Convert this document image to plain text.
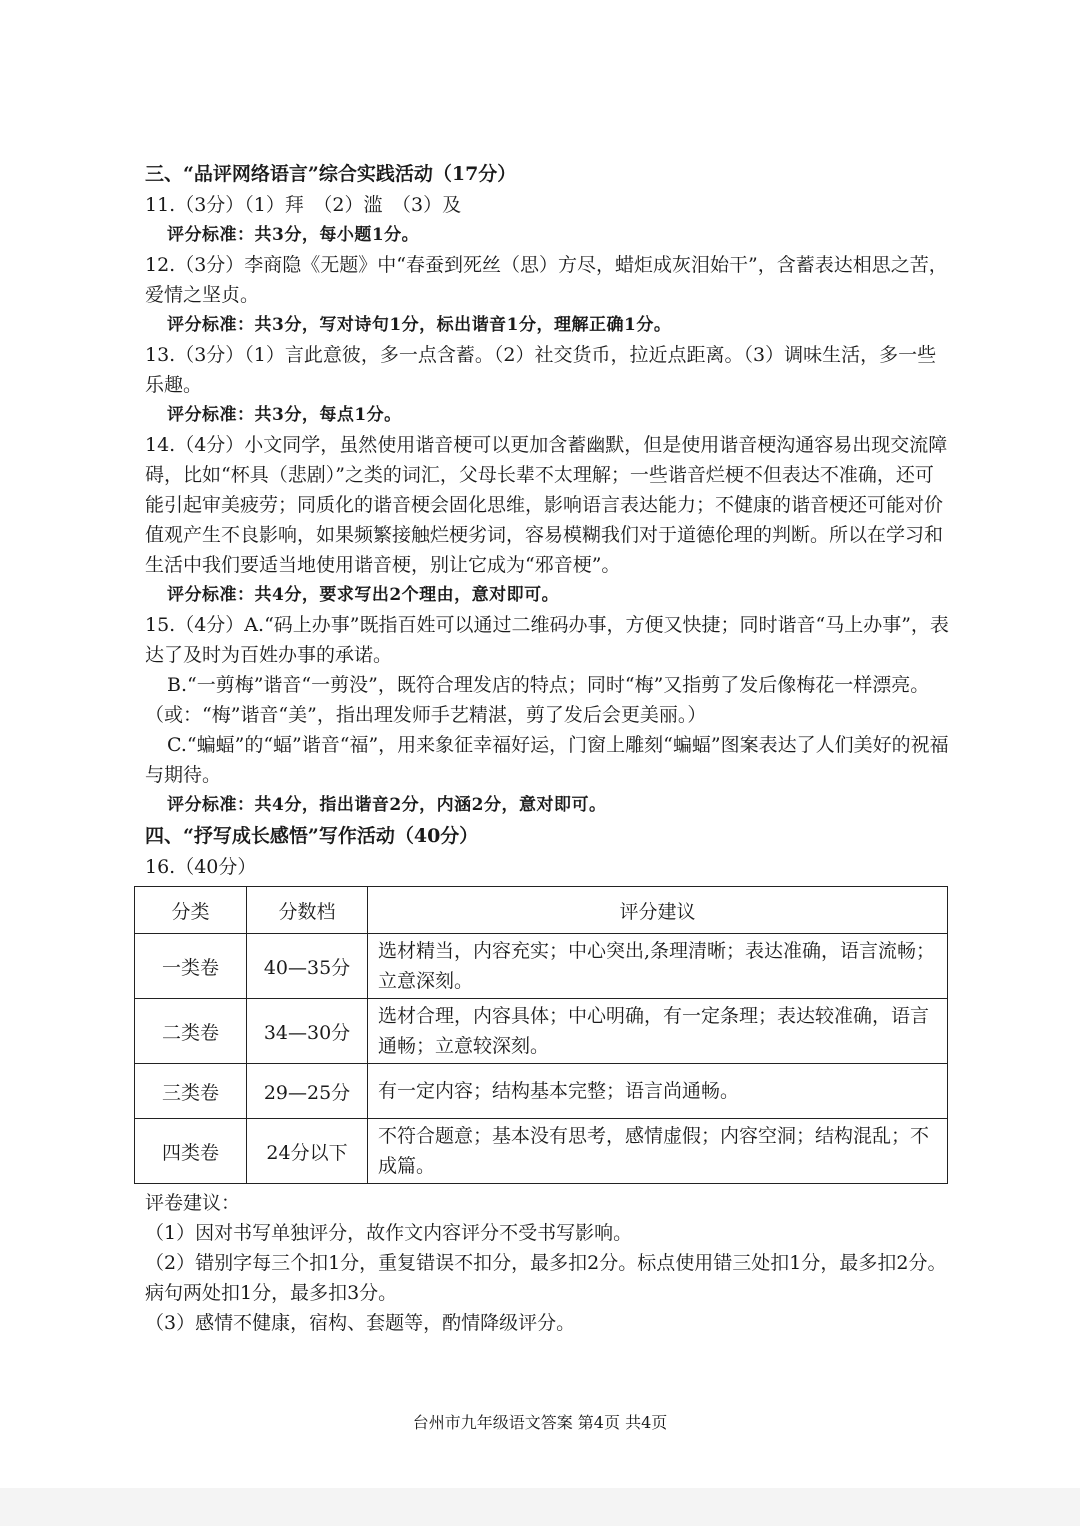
三、“品评网络语言”综合实践活动（17分）
11.（3分）（1）拜　（2）滥　（3）及
评分标准：共3分，每小题1分。
12.（3分）李商隐《无题》中“春蚕到死丝（思）方尽，蜡炬成灰泪始干”，含蓄表达相思之苦，爱情之坚贞。
评分标准：共3分，写对诗句1分，标出谐音1分，理解正确1分。
13.（3分）（1）言此意彼，多一点含蓄。（2）社交货币，拉近点距离。（3）调味生活，多一些乐趣。
评分标准：共3分，每点1分。
14.（4分）小文同学，虽然使用谐音梗可以更加含蓄幽默，但是使用谐音梗沟通容易出现交流障碍，比如“杯具（悲剧）”之类的词汇，父母长辈不太理解；一些谐音烂梗不但表达不准确，还可能引起审美疲劳；同质化的谐音梗会固化思维，影响语言表达能力；不健康的谐音梗还可能对价值观产生不良影响，如果频繁接触烂梗劣词，容易模糊我们对于道德伦理的判断。所以在学习和生活中我们要适当地使用谐音梗，别让它成为“邪音梗”。
评分标准：共4分，要求写出2个理由，意对即可。
15.（4分）A.“码上办事”既指百姓可以通过二维码办事，方便又快捷；同时谐音“马上办事”，表达了及时为百姓办事的承诺。
B.“一剪梅”谐音“一剪没”，既符合理发店的特点；同时“梅”又指剪了发后像梅花一样漂亮。（或：“梅”谐音“美”，指出理发师手艺精湛，剪了发后会更美丽。）
C.“蝙蝠”的“蝠”谐音“福”，用来象征幸福好运，门窗上雕刻“蝙蝠”图案表达了人们美好的祝福与期待。
评分标准：共4分，指出谐音2分，内涵2分，意对即可。
四、“抒写成长感悟”写作活动（40分）
16.（40分）
分类	分数档	评分建议
一类卷	40—35分	选材精当，内容充实；中心突出,条理清晰；表达准确，语言流畅；立意深刻。
二类卷	34—30分	选材合理，内容具体；中心明确，有一定条理；表达较准确，语言通畅；立意较深刻。
三类卷	29—25分	有一定内容；结构基本完整；语言尚通畅。
四类卷	24分以下	不符合题意；基本没有思考，感情虚假；内容空洞；结构混乱；不成篇。
评卷建议：
（1）因对书写单独评分，故作文内容评分不受书写影响。
（2）错别字每三个扣1分，重复错误不扣分，最多扣2分。标点使用错三处扣1分，最多扣2分。病句两处扣1分，最多扣3分。
（3）感情不健康，宿构、套题等，酌情降级评分。
台州市九年级语文答案 第4页 共4页
